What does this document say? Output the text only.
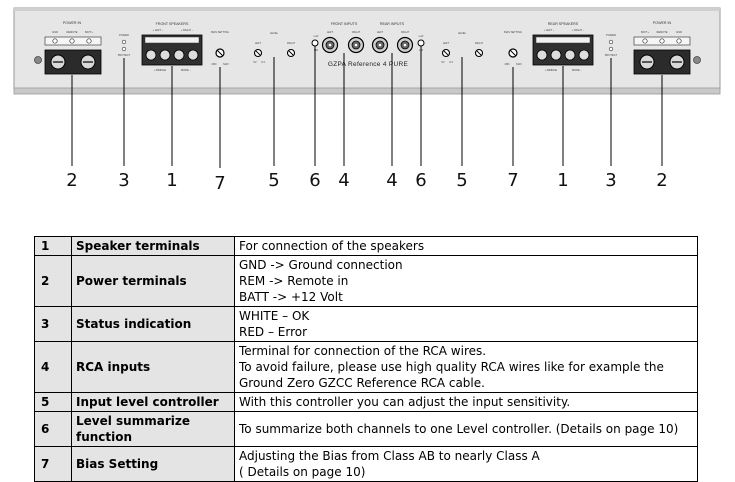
POWER IN
GND	REMOTE	BATT+
POWER
PROTECT
FRONT SPEAKERS
+ LEFT −	+ RIGHT −
+ BRIDGE	MODE −
BIAS SETTING
MIN	MAX
LEVEL
LEFT	RIGHT
5V 0.3
FRONT INPUTS
LEFT	RIGHT
L+R
L/R
REAR INPUTS
LEFT	RIGHT
L+R
L/R
GZPA Reference 4 PURE
LEVEL
LEFT	RIGHT
5V 0.3
BIAS SETTING
MIN	MAX
REAR SPEAKERS
+ LEFT −	+ RIGHT −
+ BRIDGE	MODE −
POWER
PROTECT
POWER IN
BATT+	REMOTE	GND
2 3 1 7 5 6 4 4 6 5 7 1 3 2
1	Speaker terminals	For connection of the speakers

2	Power terminals	GND -> Ground connection
REM -> Remote in
BATT -> +12 Volt

3	Status indication	WHITE – OK
RED – Error

4	RCA inputs	Terminal for connection of the RCA wires.
To avoid failure, please use high quality RCA wires like for example the
Ground Zero GZCC Reference RCA cable.

5	Input level controller	With this controller you can adjust the input sensitivity.

6	Level summarize function	To summarize both channels to one Level controller. (Details on page 10)

7	Bias Setting	Adjusting the Bias from Class AB to nearly Class A
( Details on page 10)
